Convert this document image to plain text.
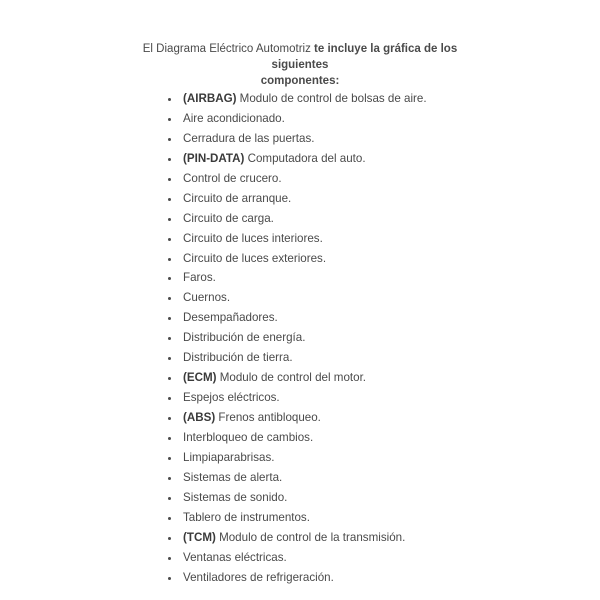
El Diagrama Eléctrico Automotriz te incluye la gráfica de los siguientes
componentes:
(AIRBAG) Modulo de control de bolsas de aire.
Aire acondicionado.
Cerradura de las puertas.
(PIN-DATA) Computadora del auto.
Control de crucero.
Circuito de arranque.
Circuito de carga.
Circuito de luces interiores.
Circuito de luces exteriores.
Faros.
Cuernos.
Desempañadores.
Distribución de energía.
Distribución de tierra.
(ECM) Modulo de control del motor.
Espejos eléctricos.
(ABS) Frenos antibloqueo.
Interbloqueo de cambios.
Limpiaparabrisas.
Sistemas de alerta.
Sistemas de sonido.
Tablero de instrumentos.
(TCM) Modulo de control de la transmisión.
Ventanas eléctricas.
Ventiladores de refrigeración.
